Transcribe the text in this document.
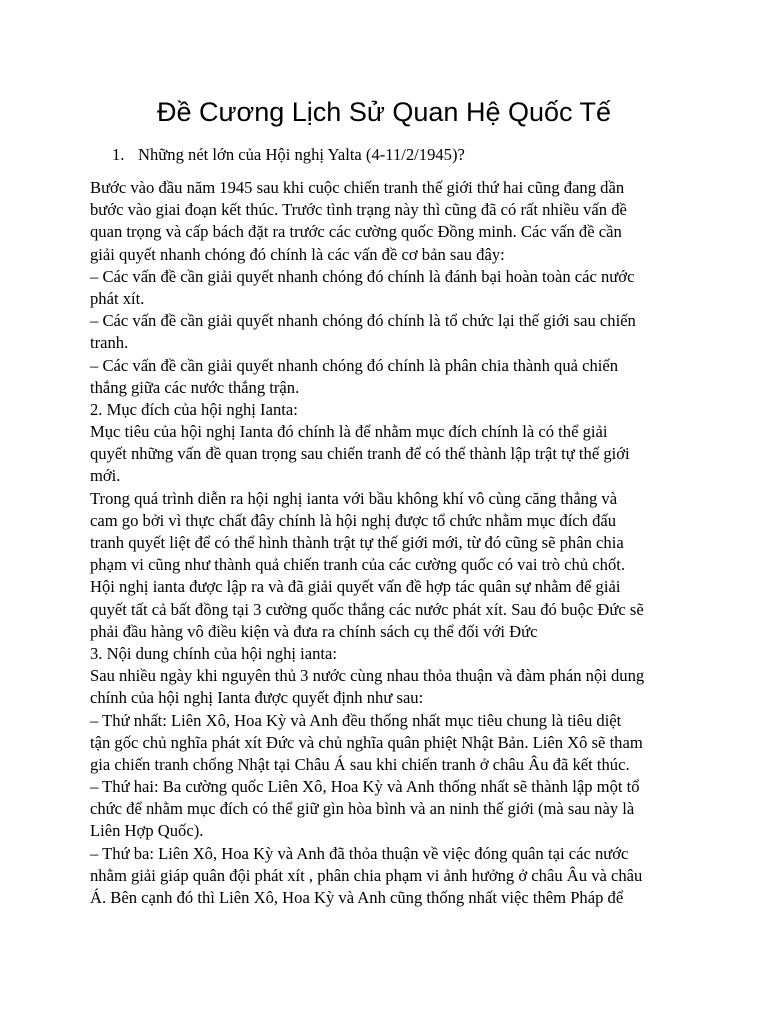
Đề Cương Lịch Sử Quan Hệ Quốc Tế

1. Những nét lớn của Hội nghị Yalta (4-11/2/1945)?

Bước vào đầu năm 1945 sau khi cuộc chiến tranh thế giới thứ hai cũng đang dần
bước vào giai đoạn kết thúc. Trước tình trạng này thì cũng đã có rất nhiều vấn đề
quan trọng và cấp bách đặt ra trước các cường quốc Đồng minh. Các vấn đề cần
giải quyết nhanh chóng đó chính là các vấn đề cơ bản sau đây:
– Các vấn đề cần giải quyết nhanh chóng đó chính là đánh bại hoàn toàn các nước
phát xít.
– Các vấn đề cần giải quyết nhanh chóng đó chính là tổ chức lại thế giới sau chiến
tranh.
– Các vấn đề cần giải quyết nhanh chóng đó chính là phân chia thành quả chiến
thắng giữa các nước thắng trận.
2. Mục đích của hội nghị Ianta:
Mục tiêu của hội nghị Ianta đó chính là để nhằm mục đích chính là có thể giải
quyết những vấn đề quan trọng sau chiến tranh để có thể thành lập trật tự thế giới
mới.
Trong quá trình diễn ra hội nghị ianta với bầu không khí vô cùng căng thẳng và
cam go bởi vì thực chất đây chính là hội nghị được tổ chức nhằm mục đích đấu
tranh quyết liệt để có thể hình thành trật tự thế giới mới, từ đó cũng sẽ phân chia
phạm vi cũng như thành quả chiến tranh của các cường quốc có vai trò chủ chốt.
Hội nghị ianta được lập ra và đã giải quyết vấn đề hợp tác quân sự nhằm để giải
quyết tất cả bất đồng tại 3 cường quốc thắng các nước phát xít. Sau đó buộc Đức sẽ
phải đầu hàng vô điều kiện và đưa ra chính sách cụ thể đối với Đức
3. Nội dung chính của hội nghị ianta:
Sau nhiều ngày khi nguyên thủ 3 nước cùng nhau thỏa thuận và đàm phán nội dung
chính của hội nghị Ianta được quyết định như sau:
– Thứ nhất: Liên Xô, Hoa Kỳ và Anh đều thống nhất mục tiêu chung là tiêu diệt
tận gốc chủ nghĩa phát xít Đức và chủ nghĩa quân phiệt Nhật Bản. Liên Xô sẽ tham
gia chiến tranh chống Nhật tại Châu Á sau khi chiến tranh ở châu Âu đã kết thúc.
– Thứ hai: Ba cường quốc Liên Xô, Hoa Kỳ và Anh thống nhất sẽ thành lập một tổ
chức để nhằm mục đích có thể giữ gìn hòa bình và an ninh thế giới (mà sau này là
Liên Hợp Quốc).
– Thứ ba: Liên Xô, Hoa Kỳ và Anh đã thỏa thuận về việc đóng quân tại các nước
nhằm giải giáp quân đội phát xít , phân chia phạm vi ảnh hưởng ở châu Âu và châu
Á. Bên cạnh đó thì Liên Xô, Hoa Kỳ và Anh cũng thống nhất việc thêm Pháp để
